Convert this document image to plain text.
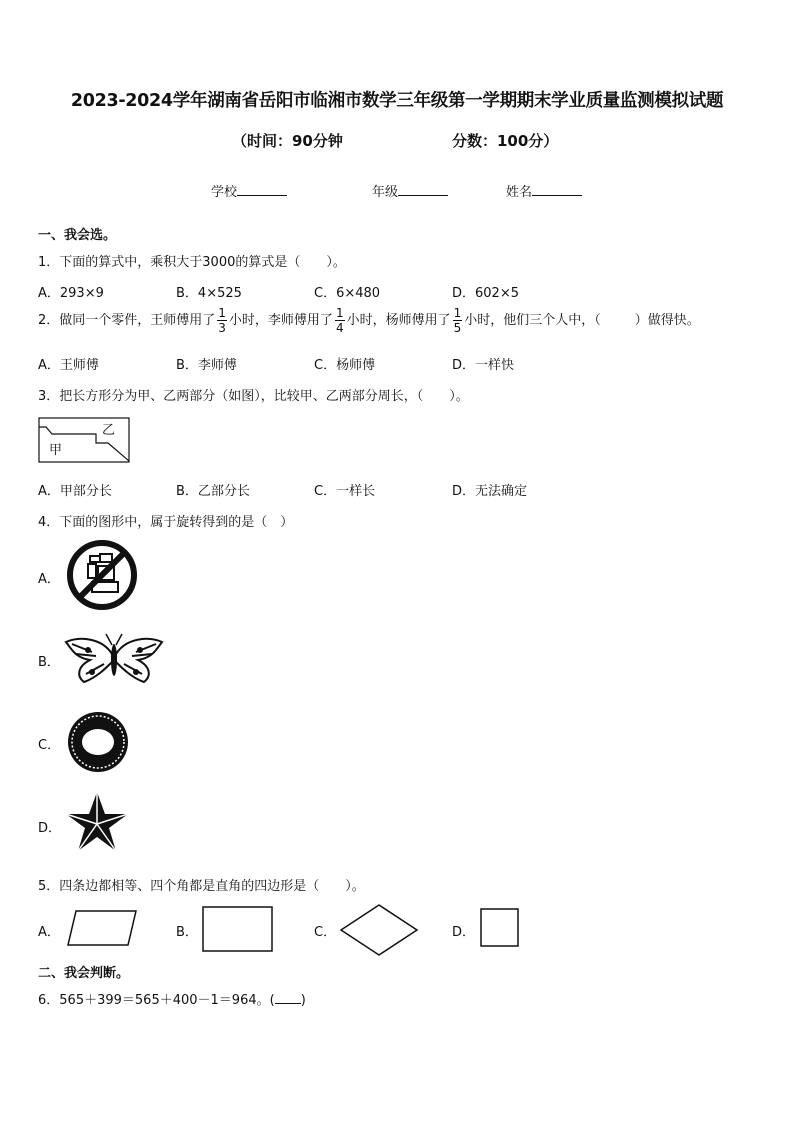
2023-2024学年湖南省岳阳市临湘市数学三年级第一学期期末学业质量监测模拟试题
（时间：90分钟	分数：100分）
学校	年级	姓名
一、我会选。
1．下面的算式中，乘积大于3000的算式是（　　）。
A．293×9	B．4×525	C．6×480	D．602×5
2．做同一个零件，王师傅用了 $\frac{1}{3}$ 小时，李师傅用了 $\frac{1}{4}$ 小时，杨师傅用了 $\frac{1}{5}$ 小时，他们三个人中，（	）做得快。
A．王师傅	B．李师傅	C．杨师傅	D．一样快
3．把长方形分为甲、乙两部分（如图），比较甲、乙两部分周长，（　　）。
甲
乙
A．甲部分长	B．乙部分长	C．一样长	D．无法确定
4．下面的图形中，属于旋转得到的是（　）
A．
B．
C．
D．
5．四条边都相等、四个角都是直角的四边形是（　　）。
A．	B．	C．	D．
二、我会判断。
6．565＋399＝565＋400－1＝964。( )
